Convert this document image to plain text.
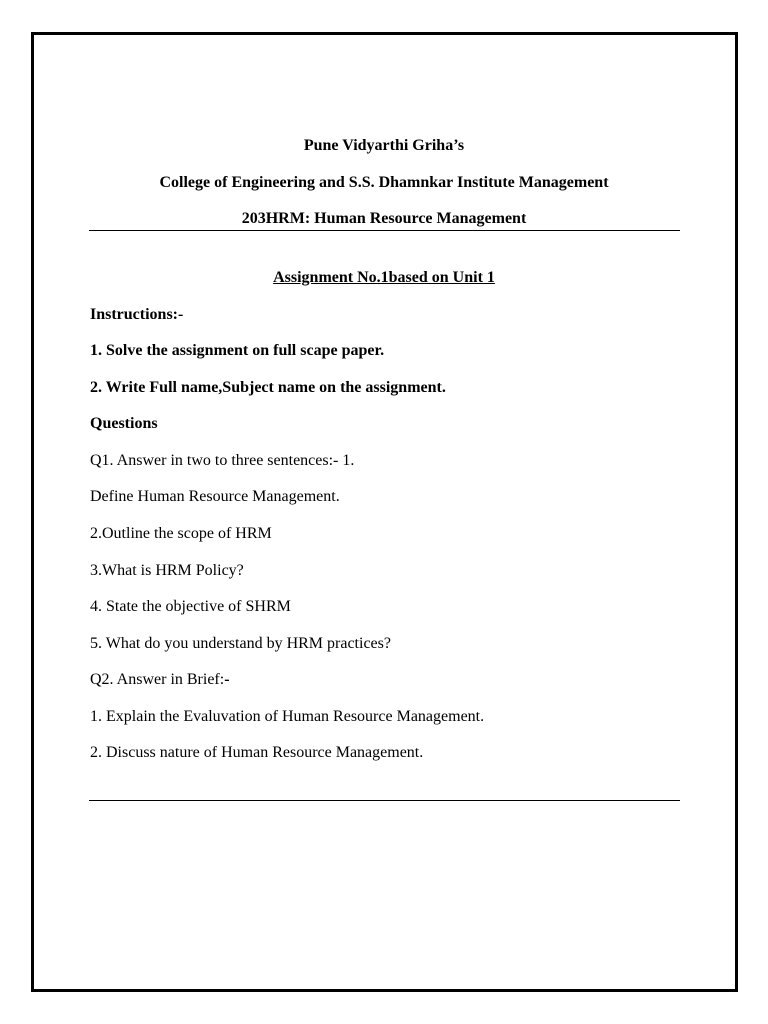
Pune Vidyarthi Griha’s
College of Engineering and S.S. Dhamnkar Institute Management
203HRM: Human Resource Management
Assignment No.1based on Unit 1
Instructions:-
1. Solve the assignment on full scape paper.
2. Write Full name,Subject name on the assignment.
Questions
Q1. Answer in two to three sentences:- 1.
Define Human Resource Management.
2.Outline the scope of HRM
3.What is HRM Policy?
4. State the objective of SHRM
5. What do you understand by HRM practices?
Q2. Answer in Brief:-
1. Explain the Evaluvation of Human Resource Management.
2. Discuss nature of Human Resource Management.
